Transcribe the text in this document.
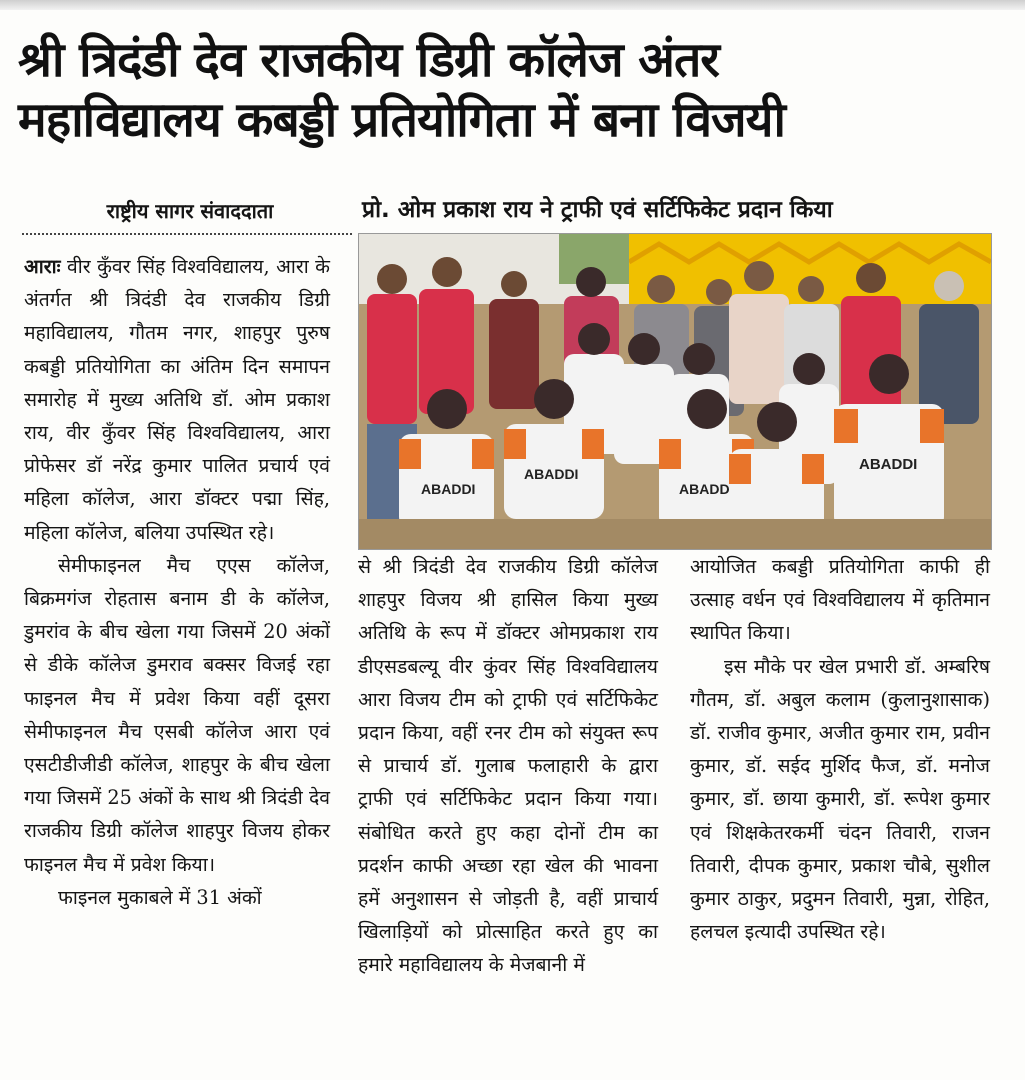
श्री त्रिदंडी देव राजकीय डिग्री कॉलेज अंतर
महाविद्यालय कबड्डी प्रतियोगिता में बना विजयी
राष्ट्रीय सागर संवाददाता	प्रो. ओम प्रकाश राय ने ट्राफी एवं सर्टिफिकेट प्रदान किया
ABADDI
ABADDI
ABADD
ABADDI

आराः वीर कुँवर सिंह विश्वविद्यालय, आरा के अंतर्गत श्री त्रिदंडी देव राजकीय डिग्री महाविद्यालय, गौतम नगर, शाहपुर पुरुष कबड्डी प्रतियोगिता का अंतिम दिन समापन समारोह में मुख्य अतिथि डॉ. ओम प्रकाश राय, वीर कुँवर सिंह विश्वविद्यालय, आरा प्रोफेसर डॉ नरेंद्र कुमार पालित प्रचार्य एवं महिला कॉलेज, आरा डॉक्टर पद्मा सिंह, महिला कॉलेज, बलिया उपस्थित रहे।

सेमीफाइनल मैच एएस कॉलेज, बिक्रमगंज रोहतास बनाम डी के कॉलेज, डुमरांव के बीच खेला गया जिसमें 20 अंकों से डीके कॉलेज डुमराव बक्सर विजई रहा फाइनल मैच में प्रवेश किया वहीं दूसरा सेमीफाइनल मैच एसबी कॉलेज आरा एवं एसटीडीजीडी कॉलेज, शाहपुर के बीच खेला गया जिसमें 25 अंकों के साथ श्री त्रिदंडी देव राजकीय डिग्री कॉलेज शाहपुर विजय होकर फाइनल मैच में प्रवेश किया।

फाइनल मुकाबले में 31 अंकों

से श्री त्रिदंडी देव राजकीय डिग्री कॉलेज शाहपुर विजय श्री हासिल किया मुख्य अतिथि के रूप में डॉक्टर ओमप्रकाश राय डीएसडबल्यू वीर कुंवर सिंह विश्वविद्यालय आरा विजय टीम को ट्राफी एवं सर्टिफिकेट प्रदान किया, वहीं रनर टीम को संयुक्त रूप से प्राचार्य डॉ. गुलाब फलाहारी के द्वारा ट्राफी एवं सर्टिफिकेट प्रदान किया गया। संबोधित करते हुए कहा दोनों टीम का प्रदर्शन काफी अच्छा रहा खेल की भावना हमें अनुशासन से जोड़ती है, वहीं प्राचार्य खिलाड़ियों को प्रोत्साहित करते हुए का हमारे महाविद्यालय के मेजबानी में

आयोजित कबड्डी प्रतियोगिता काफी ही उत्साह वर्धन एवं विश्वविद्यालय में कृतिमान स्थापित किया।

इस मौके पर खेल प्रभारी डॉ. अम्बरिष गौतम, डॉ. अबुल कलाम (कुलानुशासाक) डॉ. राजीव कुमार, अजीत कुमार राम, प्रवीन कुमार, डॉ. सईद मुर्शिद फैज, डॉ. मनोज कुमार, डॉ. छाया कुमारी, डॉ. रूपेश कुमार एवं शिक्षकेतरकर्मी चंदन तिवारी, राजन तिवारी, दीपक कुमार, प्रकाश चौबे, सुशील कुमार ठाकुर, प्रदुमन तिवारी, मुन्ना, रोहित, हलचल इत्यादी उपस्थित रहे।
